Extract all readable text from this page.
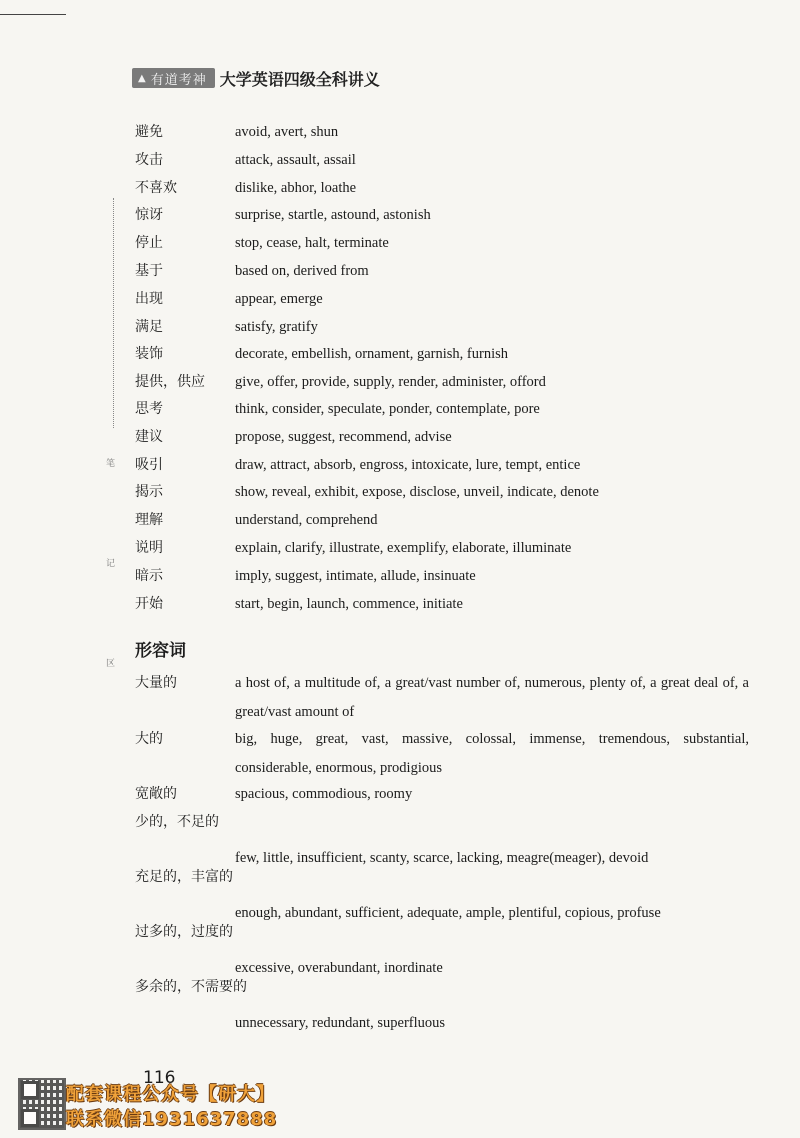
▲ 有道考神 大学英语四级全科讲义
笔
记
区
避免	avoid, avert, shun
攻击	attack, assault, assail
不喜欢	dislike, abhor, loathe
惊讶	surprise, startle, astound, astonish
停止	stop, cease, halt, terminate
基于	based on, derived from
出现	appear, emerge
满足	satisfy, gratify
装饰	decorate, embellish, ornament, garnish, furnish
提供，供应 give, offer, provide, supply, render, administer, offord
思考	think, consider, speculate, ponder, contemplate, pore
建议	propose, suggest, recommend, advise
吸引	draw, attract, absorb, engross, intoxicate, lure, tempt, entice
揭示	show, reveal, exhibit, expose, disclose, unveil, indicate, denote
理解	understand, comprehend
说明	explain, clarify, illustrate, exemplify, elaborate, illuminate
暗示	imply, suggest, intimate, allude, insinuate
开始	start, begin, launch, commence, initiate
形容词
大量的	a host of, a multitude of, a great/vast number of, numerous, plenty of, a great deal of, a great/vast amount of
大的	big, huge, great, vast, massive, colossal, immense, tremendous, substantial, considerable, enormous, prodigious
宽敞的	spacious, commodious, roomy
少的，不足的
few, little, insufficient, scanty, scarce, lacking, meagre(meager), devoid
充足的，丰富的
enough, abundant, sufficient, adequate, ample, plentiful, copious, profuse
过多的，过度的
excessive, overabundant, inordinate
多余的，不需要的
unnecessary, redundant, superfluous
116
配套课程公众号【研大】
联系微信1931637888
